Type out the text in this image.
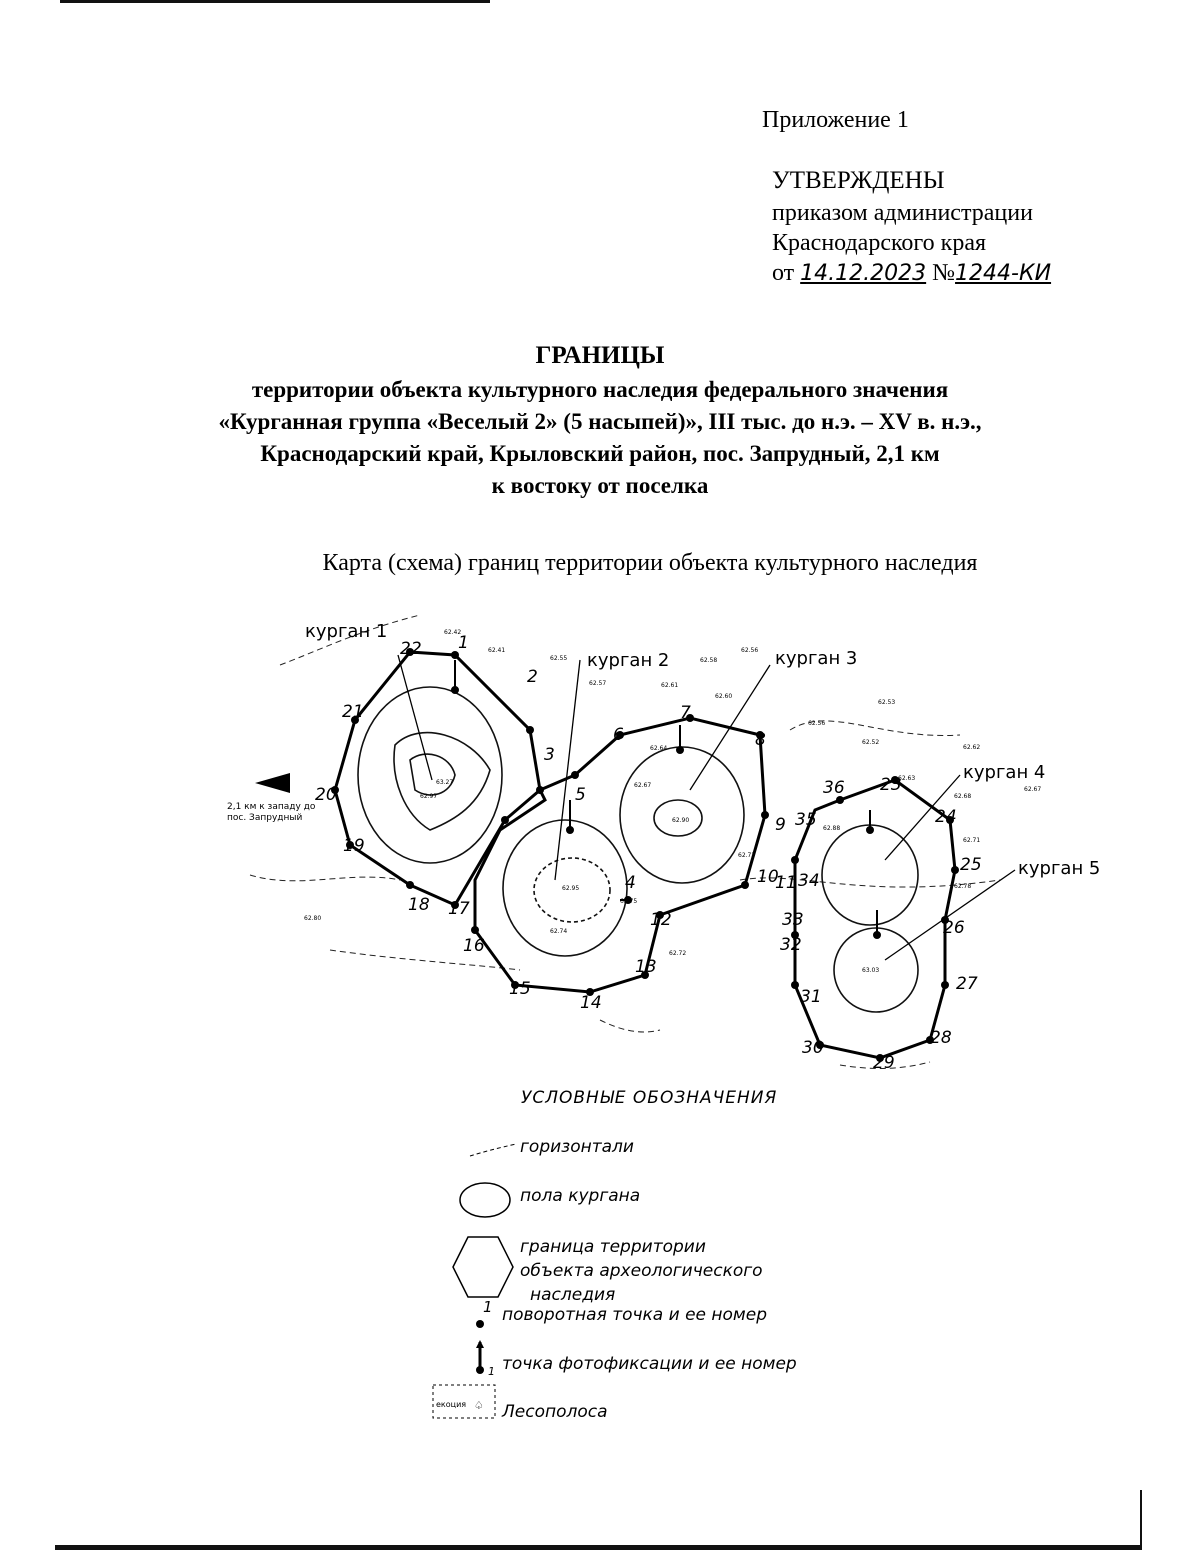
Приложение 1
УТВЕРЖДЕНЫ
приказом администрации
Краснодарского края
от 14.12.2023 №1244-КИ
ГРАНИЦЫ
территории объекта культурного наследия федерального значения
«Курганная группа «Веселый 2» (5 насыпей)», III тыс. до н.э. – XV в. н.э.,
Краснодарский край, Крыловский район, пос. Запрудный, 2,1 км
к востоку от поселка
Карта (схема) границ территории объекта культурного наследия
курган 1
курган 2	курган 3
курган 4
курган 5
2,1 км к западу до
пос. Запрудный
1
2
3
4
5
6
7
8
9
10
11
12
13
14
15
16
17
18
19
20
21
22
23
24
25
26
27
28
29
30
31
32
33
34
35
36
62.42
62.41
62.55
62.56
62.58
62.57	62.61
62.60
62.53
62.56
62.52
62.62
62.63
62.67
62.68
62.71
62.73
62.75
62.80
62.90
62.97
62.95
63.27
62.64
62.67
62.72
62.74
62.78
63.03
62.88
УСЛОВНЫЕ ОБОЗНАЧЕНИЯ
горизонтали
пола кургана
граница территории
объекта археологического
наследия
1 поворотная точка и ее номер
1 точка фотофиксации и ее номер
екоция ♤ Лесополоса
